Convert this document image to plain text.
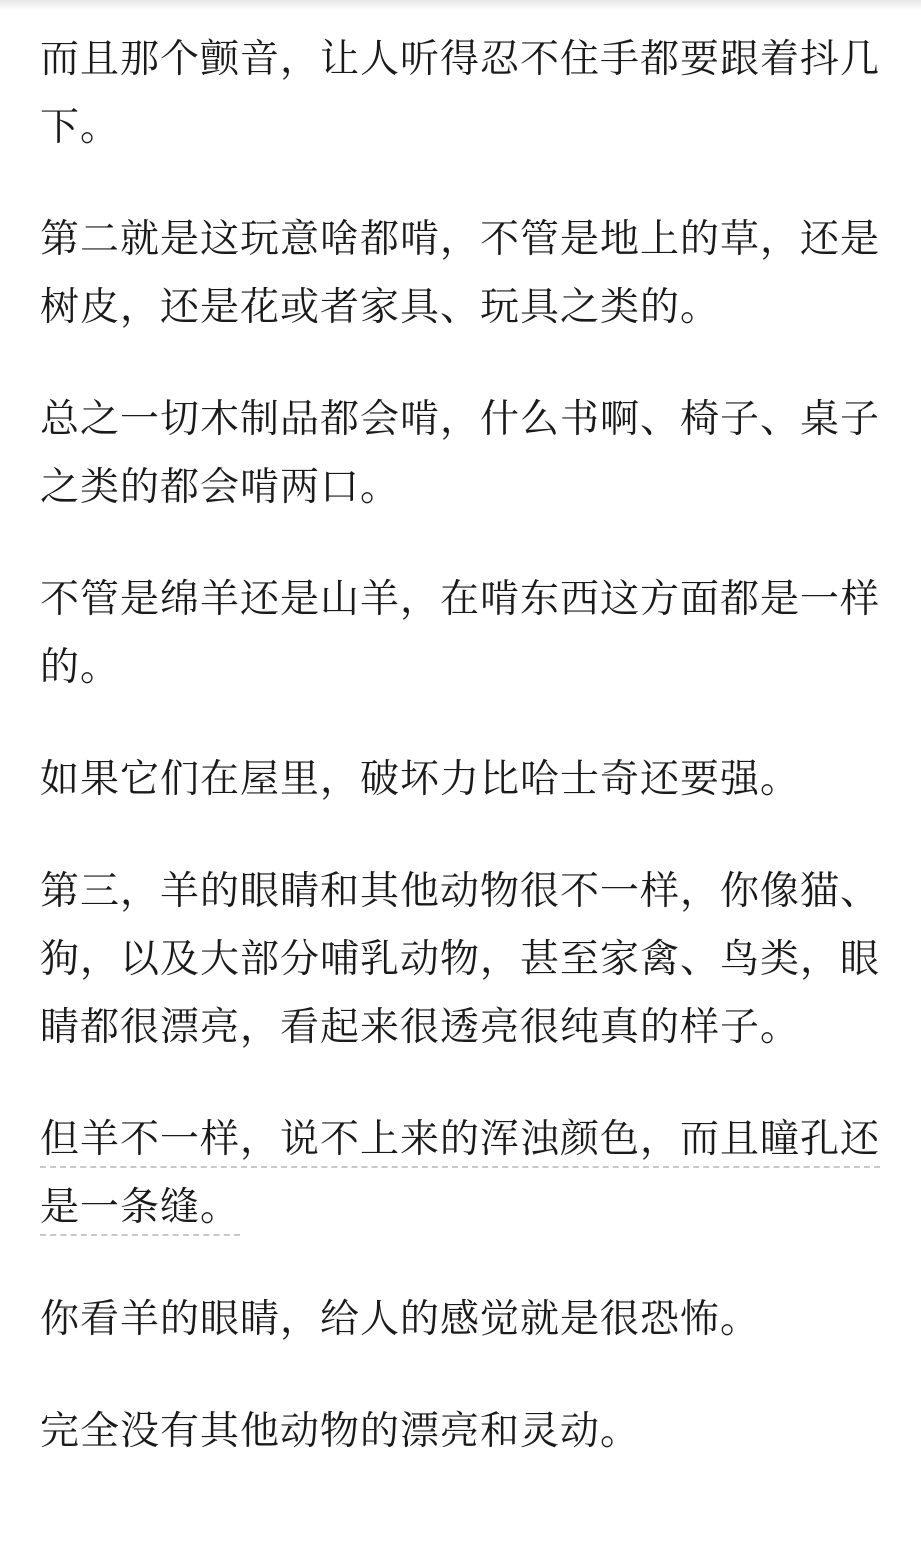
而且那个颤音，让人听得忍不住手都要跟着抖几下。

第二就是这玩意啥都啃，不管是地上的草，还是树皮，还是花或者家具、玩具之类的。

总之一切木制品都会啃，什么书啊、椅子、桌子之类的都会啃两口。

不管是绵羊还是山羊，在啃东西这方面都是一样的。

如果它们在屋里，破坏力比哈士奇还要强。

第三，羊的眼睛和其他动物很不一样，你像猫、狗，以及大部分哺乳动物，甚至家禽、鸟类，眼睛都很漂亮，看起来很透亮很纯真的样子。

但羊不一样，说不上来的浑浊颜色，而且瞳孔还是一条缝。

你看羊的眼睛，给人的感觉就是很恐怖。

完全没有其他动物的漂亮和灵动。
